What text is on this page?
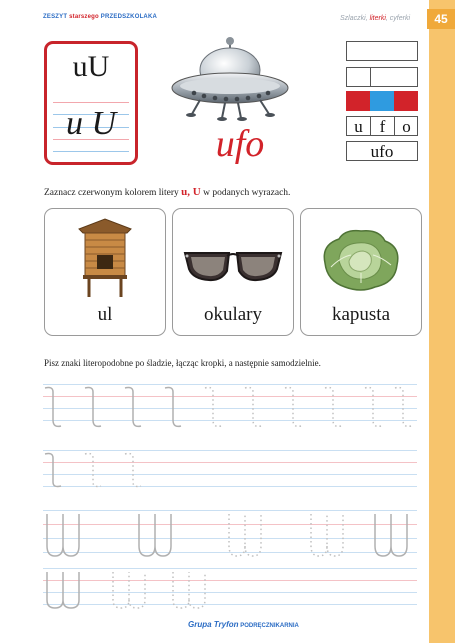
45
ZESZYT starszego PRZEDSZKOLAKA	Szlaczki, literki, cyferki
uU
u U	ufo	u f o
ufo
Zaznacz czerwonym kolorem litery u, U w podanych wyrazach.
ul	okulary	kapusta
Pisz znaki literopodobne po śladzie, łącząc kropki, a następnie samodzielnie.
Grupa Tryfon PODRĘCZNIKARNIA
